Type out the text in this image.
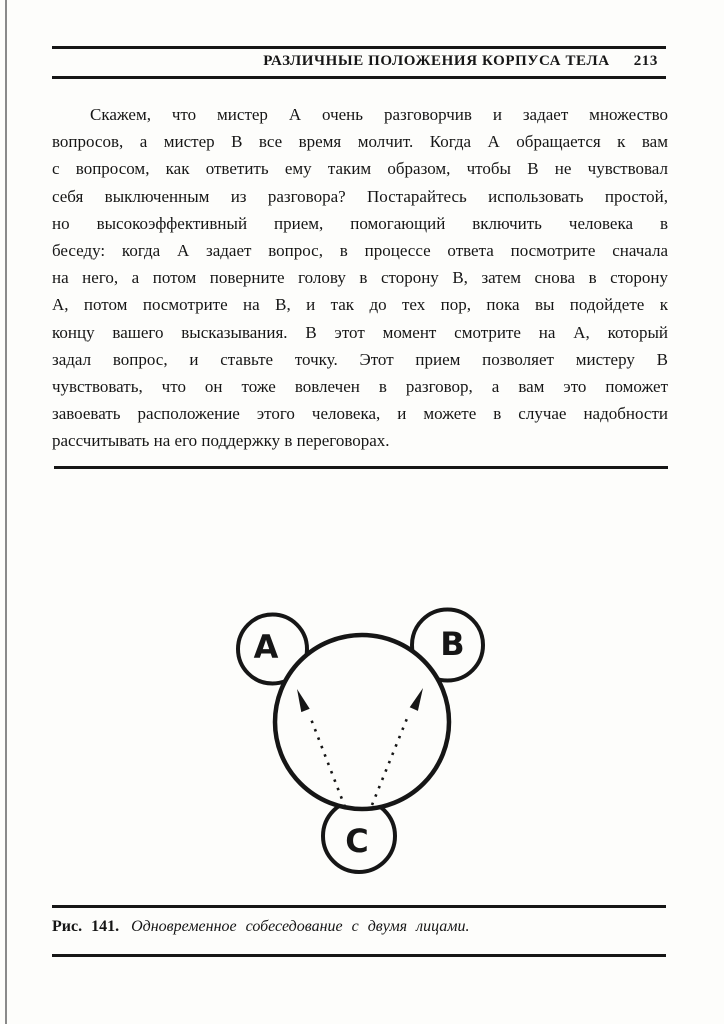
РАЗЛИЧНЫЕ ПОЛОЖЕНИЯ КОРПУСА ТЕЛА 213
Скажем, что мистер А очень разговорчив и задает множество
вопросов, а мистер В все время молчит. Когда А обращается к вам
с вопросом, как ответить ему таким образом, чтобы В не чувствовал
себя выключенным из разговора? Постарайтесь использовать простой,
но высокоэффективный прием, помогающий включить человека в
беседу: когда А задает вопрос, в процессе ответа посмотрите сначала
на него, а потом поверните голову в сторону В, затем снова в сторону
А, потом посмотрите на В, и так до тех пор, пока вы подойдете к
концу вашего высказывания. В этот момент смотрите на А, который
задал вопрос, и ставьте точку. Этот прием позволяет мистеру В
чувствовать, что он тоже вовлечен в разговор, а вам это поможет
завоевать расположение этого человека, и можете в случае надобности
рассчитывать на его поддержку в переговорах.
A	B
C
Рис. 141. Одновременное собеседование с двумя лицами.
